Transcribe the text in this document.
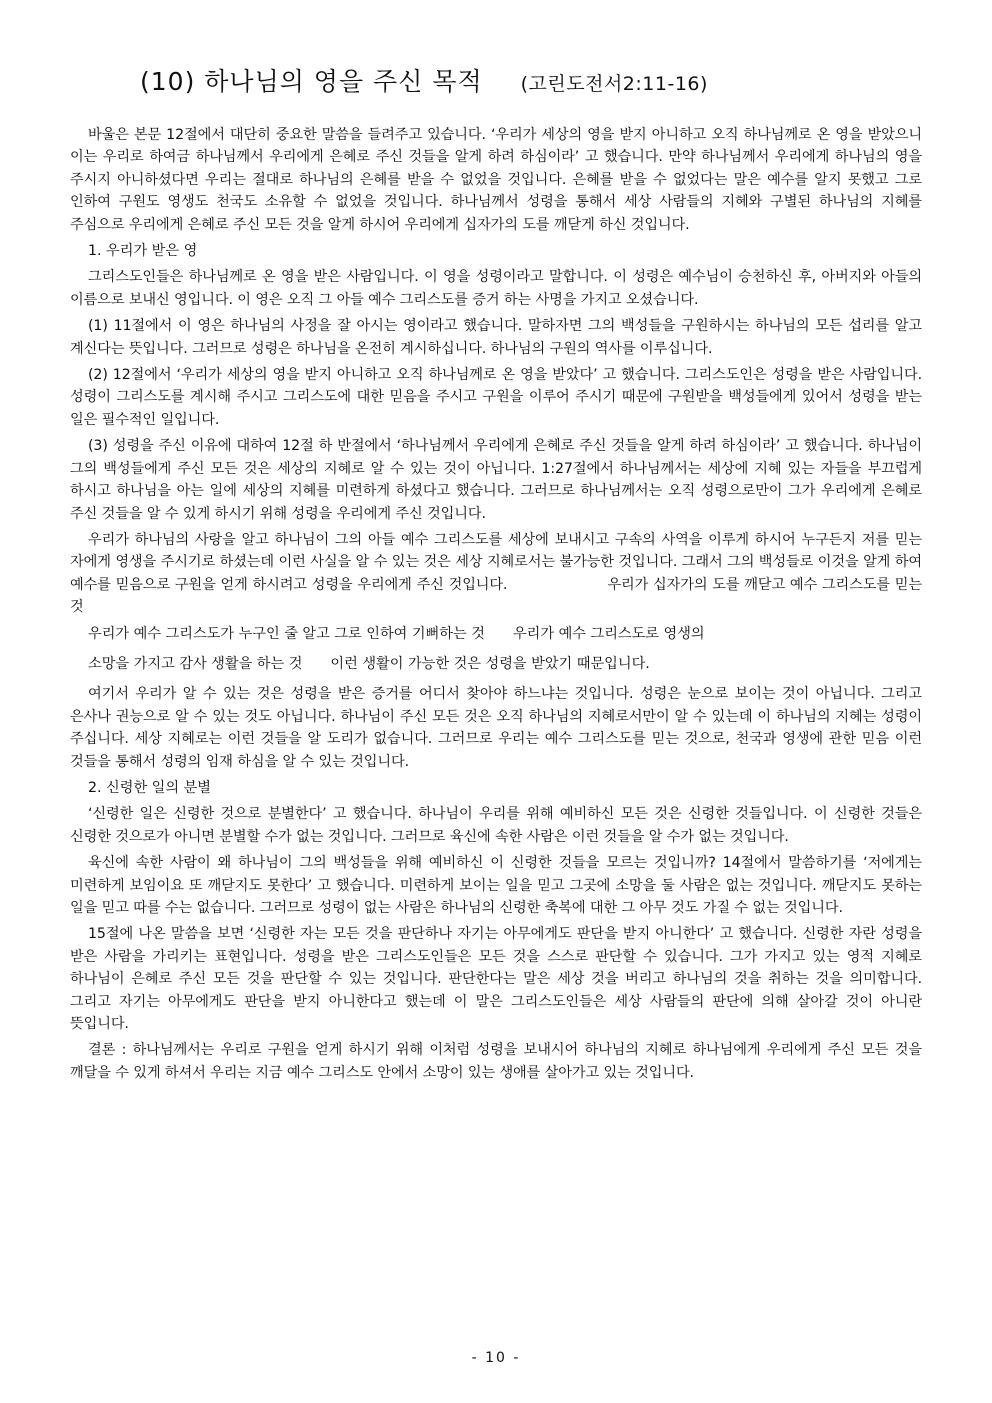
(10) 하나님의 영을 주신 목적 (고린도전서2:11-16)

바울은 본문 12절에서 대단히 중요한 말씀을 들려주고 있습니다. ‘우리가 세상의 영을 받지 아니하고 오직 하나님께로 온 영을 받았으니 이는 우리로 하여금 하나님께서 우리에게 은혜로 주신 것들을 알게 하려 하심이라’ 고 했습니다. 만약 하나님께서 우리에게 하나님의 영을 주시지 아니하셨다면 우리는 절대로 하나님의 은혜를 받을 수 없었을 것입니다. 은혜를 받을 수 없었다는 말은 예수를 알지 못했고 그로 인하여 구원도 영생도 천국도 소유할 수 없었을 것입니다. 하나님께서 성령을 통해서 세상 사람들의 지혜와 구별된 하나님의 지혜를 주심으로 우리에게 은혜로 주신 모든 것을 알게 하시어 우리에게 십자가의 도를 깨닫게 하신 것입니다.

1. 우리가 받은 영

그리스도인들은 하나님께로 온 영을 받은 사람입니다. 이 영을 성령이라고 말합니다. 이 성령은 예수님이 승천하신 후, 아버지와 아들의 이름으로 보내신 영입니다. 이 영은 오직 그 아들 예수 그리스도를 증거 하는 사명을 가지고 오셨습니다.

(1) 11절에서 이 영은 하나님의 사정을 잘 아시는 영이라고 했습니다. 말하자면 그의 백성들을 구원하시는 하나님의 모든 섭리를 알고 계신다는 뜻입니다. 그러므로 성령은 하나님을 온전히 계시하십니다. 하나님의 구원의 역사를 이루십니다.

(2) 12절에서 ‘우리가 세상의 영을 받지 아니하고 오직 하나님께로 온 영을 받았다’ 고 했습니다. 그리스도인은 성령을 받은 사람입니다. 성령이 그리스도를 계시해 주시고 그리스도에 대한 믿음을 주시고 구원을 이루어 주시기 때문에 구원받을 백성들에게 있어서 성령을 받는 일은 필수적인 일입니다.

(3) 성령을 주신 이유에 대하여 12절 하 반절에서 ‘하나님께서 우리에게 은혜로 주신 것들을 알게 하려 하심이라’ 고 했습니다. 하나님이 그의 백성들에게 주신 모든 것은 세상의 지혜로 알 수 있는 것이 아닙니다. 1:27절에서 하나님께서는 세상에 지혜 있는 자들을 부끄럽게 하시고 하나님을 아는 일에 세상의 지혜를 미련하게 하셨다고 했습니다. 그러므로 하나님께서는 오직 성령으로만이 그가 우리에게 은혜로 주신 것들을 알 수 있게 하시기 위해 성령을 우리에게 주신 것입니다.

우리가 하나님의 사랑을 알고 하나님이 그의 아들 예수 그리스도를 세상에 보내시고 구속의 사역을 이루게 하시어 누구든지 저를 믿는 자에게 영생을 주시기로 하셨는데 이런 사실을 알 수 있는 것은 세상 지혜로서는 불가능한 것입니다. 그래서 그의 백성들로 이것을 알게 하여 예수를 믿음으로 구원을 얻게 하시려고 성령을 우리에게 주신 것입니다.	우리가 십자가의 도를 깨닫고 예수 그리스도를 믿는 것

우리가 예수 그리스도가 누구인 줄 알고 그로 인하여 기뻐하는 것 우리가 예수 그리스도로 영생의

소망을 가지고 감사 생활을 하는 것 이런 생활이 가능한 것은 성령을 받았기 때문입니다.

여기서 우리가 알 수 있는 것은 성령을 받은 증거를 어디서 찾아야 하느냐는 것입니다. 성령은 눈으로 보이는 것이 아닙니다. 그리고 은사나 권능으로 알 수 있는 것도 아닙니다. 하나님이 주신 모든 것은 오직 하나님의 지혜로서만이 알 수 있는데 이 하나님의 지혜는 성령이 주십니다. 세상 지혜로는 이런 것들을 알 도리가 없습니다. 그러므로 우리는 예수 그리스도를 믿는 것으로, 천국과 영생에 관한 믿음 이런 것들을 통해서 성령의 임재 하심을 알 수 있는 것입니다.

2. 신령한 일의 분별

‘신령한 일은 신령한 것으로 분별한다’ 고 했습니다. 하나님이 우리를 위해 예비하신 모든 것은 신령한 것들입니다. 이 신령한 것들은 신령한 것으로가 아니면 분별할 수가 없는 것입니다. 그러므로 육신에 속한 사람은 이런 것들을 알 수가 없는 것입니다.

육신에 속한 사람이 왜 하나님이 그의 백성들을 위해 예비하신 이 신령한 것들을 모르는 것입니까? 14절에서 말씀하기를 ‘저에게는 미련하게 보임이요 또 깨닫지도 못한다’ 고 했습니다. 미련하게 보이는 일을 믿고 그곳에 소망을 둘 사람은 없는 것입니다. 깨닫지도 못하는 일을 믿고 따를 수는 없습니다. 그러므로 성령이 없는 사람은 하나님의 신령한 축복에 대한 그 아무 것도 가질 수 없는 것입니다.

15절에 나온 말씀을 보면 ‘신령한 자는 모든 것을 판단하나 자기는 아무에게도 판단을 받지 아니한다’ 고 했습니다. 신령한 자란 성령을 받은 사람을 가리키는 표현입니다. 성령을 받은 그리스도인들은 모든 것을 스스로 판단할 수 있습니다. 그가 가지고 있는 영적 지혜로 하나님이 은혜로 주신 모든 것을 판단할 수 있는 것입니다. 판단한다는 말은 세상 것을 버리고 하나님의 것을 취하는 것을 의미합니다. 그리고 자기는 아무에게도 판단을 받지 아니한다고 했는데 이 말은 그리스도인들은 세상 사람들의 판단에 의해 살아갈 것이 아니란 뜻입니다.

결론 : 하나님께서는 우리로 구원을 얻게 하시기 위해 이처럼 성령을 보내시어 하나님의 지혜로 하나님에게 우리에게 주신 모든 것을 깨달을 수 있게 하셔서 우리는 지금 예수 그리스도 안에서 소망이 있는 생애를 살아가고 있는 것입니다.

- 10 -
